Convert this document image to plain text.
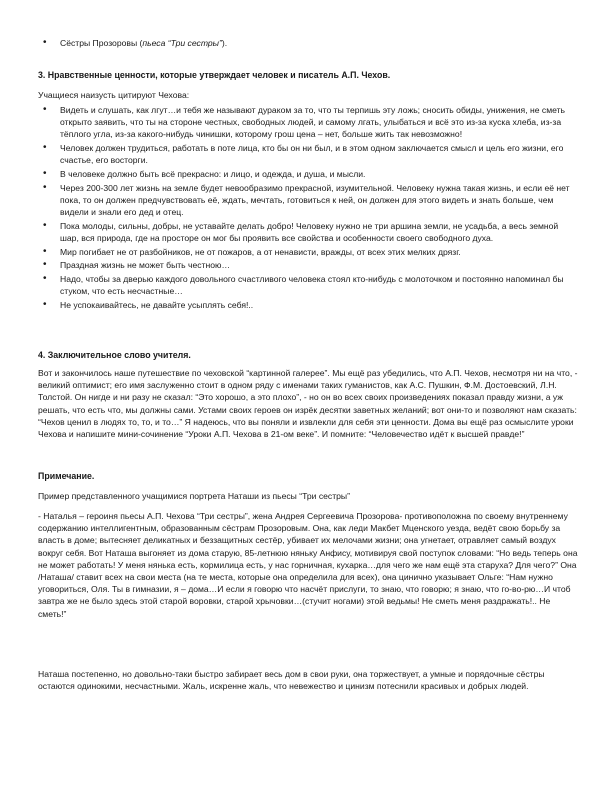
• Сёстры Прозоровы (пьеса “Три сестры”).

3. Нравственные ценности, которые утверждает человек и писатель А.П. Чехов.

Учащиеся наизусть цитируют Чехова:

• Видеть и слушать, как лгут…и тебя же называют дураком за то, что ты терпишь эту ложь; сносить обиды, унижения, не сметь открыто заявить, что ты на стороне честных, свободных людей, и самому лгать, улыбаться и всё это из-за куска хлеба, из-за тёплого угла, из-за какого-нибудь чинишки, которому грош цена – нет, больше жить так невозможно!
• Человек должен трудиться, работать в поте лица, кто бы он ни был, и в этом одном заключается смысл и цель его жизни, его счастье, его восторги.
• В человеке должно быть всё прекрасно: и лицо, и одежда, и душа, и мысли.
• Через 200-300 лет жизнь на земле будет невообразимо прекрасной, изумительной. Человеку нужна такая жизнь, и если её нет пока, то он должен предчувствовать её, ждать, мечтать, готовиться к ней, он должен для этого видеть и знать больше, чем видели и знали его дед и отец.
• Пока молоды, сильны, добры, не уставайте делать добро! Человеку нужно не три аршина земли, не усадьба, а весь земной шар, вся природа, где на просторе он мог бы проявить все свойства и особенности своего свободного духа.
• Мир погибает не от разбойников, не от пожаров, а от ненависти, вражды, от всех этих мелких дрязг.
• Праздная жизнь не может быть честною…
• Надо, чтобы за дверью каждого довольного счастливого человека стоял кто-нибудь с молоточком и постоянно напоминал бы стуком, что есть несчастные…
• Не успокаивайтесь, не давайте усыплять себя!..

4. Заключительное слово учителя.

Вот и закончилось наше путешествие по чеховской “картинной галерее”. Мы ещё раз убедились, что А.П. Чехов, несмотря ни на что, - великий оптимист; его имя заслуженно стоит в одном ряду с именами таких гуманистов, как А.С. Пушкин, Ф.М. Достоевский, Л.Н. Толстой. Он нигде и ни разу не сказал: “Это хорошо, а это плохо”, - но он во всех своих произведениях показал правду жизни, а уж решать, что есть что, мы должны сами. Устами своих героев он изрёк десятки заветных желаний; вот они-то и позволяют нам сказать: “Чехов ценил в людях то, то, и то…” Я надеюсь, что вы поняли и извлекли для себя эти ценности. Дома вы ещё раз осмыслите уроки Чехова и напишите мини-сочинение “Уроки А.П. Чехова в 21-ом веке”. И помните: “Человечество идёт к высшей правде!”

Примечание.

Пример представленного учащимися портрета Наташи из пьесы “Три сестры”

- Наталья – героиня пьесы А.П. Чехова “Три сестры”, жена Андрея Сергеевича Прозорова- противоположна по своему внутреннему содержанию интеллигентным, образованным сёстрам Прозоровым. Она, как леди Макбет Мценского уезда, ведёт свою борьбу за власть в доме; вытесняет деликатных и беззащитных сестёр, убивает их мелочами жизни; она угнетает, отравляет самый воздух вокруг себя. Вот Наташа выгоняет из дома старую, 85-летнюю няньку Анфису, мотивируя свой поступок словами: “Но ведь теперь она не может работать! У меня нянька есть, кормилица есть, у нас горничная, кухарка…для чего же нам ещё эта старуха? Для чего?” Она /Наташа/ ставит всех на свои места (на те места, которые она определила для всех), она цинично указывает Ольге: “Нам нужно уговориться, Оля. Ты в гимназии, я – дома…И если я говорю что насчёт прислуги, то знаю, что говорю; я знаю, что го-во-рю…И чтоб завтра же не было здесь этой старой воровки, старой хрычовки…(стучит ногами) этой ведьмы! Не сметь меня раздражать!.. Не сметь!”

Наташа постепенно, но довольно-таки быстро забирает весь дом в свои руки, она торжествует, а умные и порядочные сёстры остаются одинокими, несчастными. Жаль, искренне жаль, что невежество и цинизм потеснили красивых и добрых людей.
